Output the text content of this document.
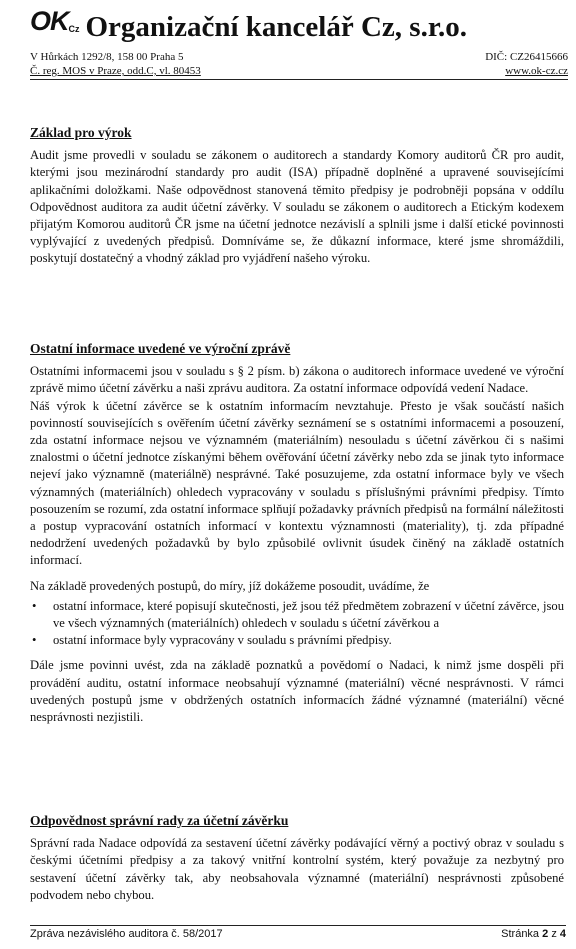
$OK_{Cz}$ Organizační kancelář Cz, s.r.o.
V Hůrkách 1292/8, 158 00 Praha 5	DIČ: CZ26415666
Č. reg. MOS v Praze, odd.C, vl. 80453	www.ok-cz.cz
Základ pro výrok

Audit jsme provedli v souladu se zákonem o auditorech a standardy Komory auditorů ČR pro audit, kterými jsou mezinárodní standardy pro audit (ISA) případně doplněné a upravené souvisejícími aplikačními doložkami. Naše odpovědnost stanovená těmito předpisy je podrobněji popsána v oddílu Odpovědnost auditora za audit účetní závěrky. V souladu se zákonem o auditorech a Etickým kodexem přijatým Komorou auditorů ČR jsme na účetní jednotce nezávislí a splnili jsme i další etické povinnosti vyplývající z uvedených předpisů. Domníváme se, že důkazní informace, které jsme shromáždili, poskytují dostatečný a vhodný základ pro vyjádření našeho výroku.

Ostatní informace uvedené ve výroční zprávě

Ostatními informacemi jsou v souladu s § 2 písm. b) zákona o auditorech informace uvedené ve výroční zprávě mimo účetní závěrku a naši zprávu auditora. Za ostatní informace odpovídá vedení Nadace.

Náš výrok k účetní závěrce se k ostatním informacím nevztahuje. Přesto je však součástí našich povinností souvisejících s ověřením účetní závěrky seznámení se s ostatními informacemi a posouzení, zda ostatní informace nejsou ve významném (materiálním) nesouladu s účetní závěrkou či s našimi znalostmi o účetní jednotce získanými během ověřování účetní závěrky nebo zda se jinak tyto informace nejeví jako významně (materiálně) nesprávné. Také posuzujeme, zda ostatní informace byly ve všech významných (materiálních) ohledech vypracovány v souladu s příslušnými právními předpisy. Tímto posouzením se rozumí, zda ostatní informace splňují požadavky právních předpisů na formální náležitosti a postup vypracování ostatních informací v kontextu významnosti (materiality), tj. zda případné nedodržení uvedených požadavků by bylo způsobilé ovlivnit úsudek činěný na základě ostatních informací.

Na základě provedených postupů, do míry, jíž dokážeme posoudit, uvádíme, že

• ostatní informace, které popisují skutečnosti, jež jsou též předmětem zobrazení v účetní závěrce, jsou ve všech významných (materiálních) ohledech v souladu s účetní závěrkou a
• ostatní informace byly vypracovány v souladu s právními předpisy.

Dále jsme povinni uvést, zda na základě poznatků a povědomí o Nadaci, k nimž jsme dospěli při provádění auditu, ostatní informace neobsahují významné (materiální) věcné nesprávnosti. V rámci uvedených postupů jsme v obdržených ostatních informacích žádné významné (materiální) věcné nesprávnosti nezjistili.

Odpovědnost správní rady za účetní závěrku

Správní rada Nadace odpovídá za sestavení účetní závěrky podávající věrný a poctivý obraz v souladu s českými účetními předpisy a za takový vnitřní kontrolní systém, který považuje za nezbytný pro sestavení účetní závěrky tak, aby neobsahovala významné (materiální) nesprávnosti způsobené podvodem nebo chybou.

Zpráva nezávislého auditora č. 58/2017	Stránka 2 z 4
